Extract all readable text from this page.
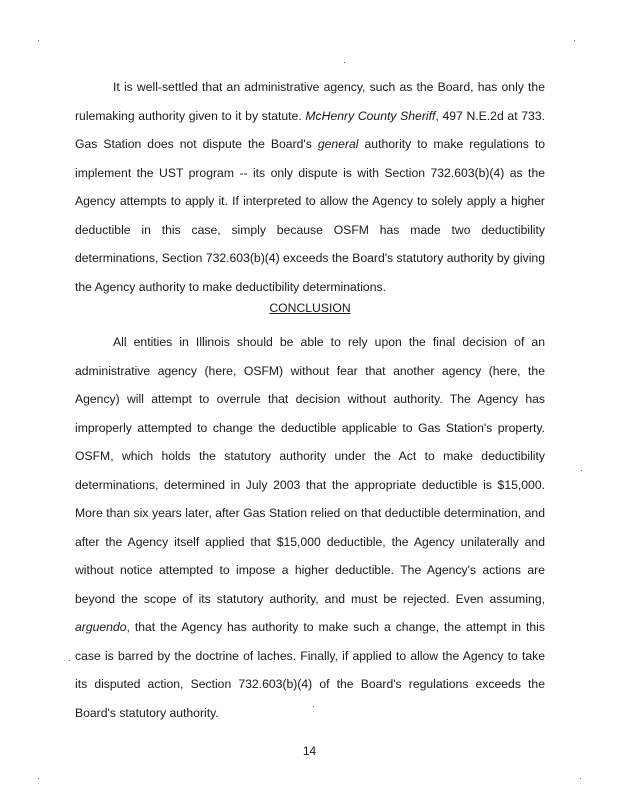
It is well-settled that an administrative agency, such as the Board, has only the rulemaking authority given to it by statute. McHenry County Sheriff, 497 N.E.2d at 733. Gas Station does not dispute the Board's general authority to make regulations to implement the UST program -- its only dispute is with Section 732.603(b)(4) as the Agency attempts to apply it. If interpreted to allow the Agency to solely apply a higher deductible in this case, simply because OSFM has made two deductibility determinations, Section 732.603(b)(4) exceeds the Board's statutory authority by giving the Agency authority to make deductibility determinations.

CONCLUSION

All entities in Illinois should be able to rely upon the final decision of an administrative agency (here, OSFM) without fear that another agency (here, the Agency) will attempt to overrule that decision without authority. The Agency has improperly attempted to change the deductible applicable to Gas Station's property. OSFM, which holds the statutory authority under the Act to make deductibility determinations, determined in July 2003 that the appropriate deductible is $15,000. More than six years later, after Gas Station relied on that deductible determination, and after the Agency itself applied that $15,000 deductible, the Agency unilaterally and without notice attempted to impose a higher deductible. The Agency's actions are beyond the scope of its statutory authority, and must be rejected. Even assuming, arguendo, that the Agency has authority to make such a change, the attempt in this case is barred by the doctrine of laches. Finally, if applied to allow the Agency to take its disputed action, Section 732.603(b)(4) of the Board's regulations exceeds the Board's statutory authority.

14
